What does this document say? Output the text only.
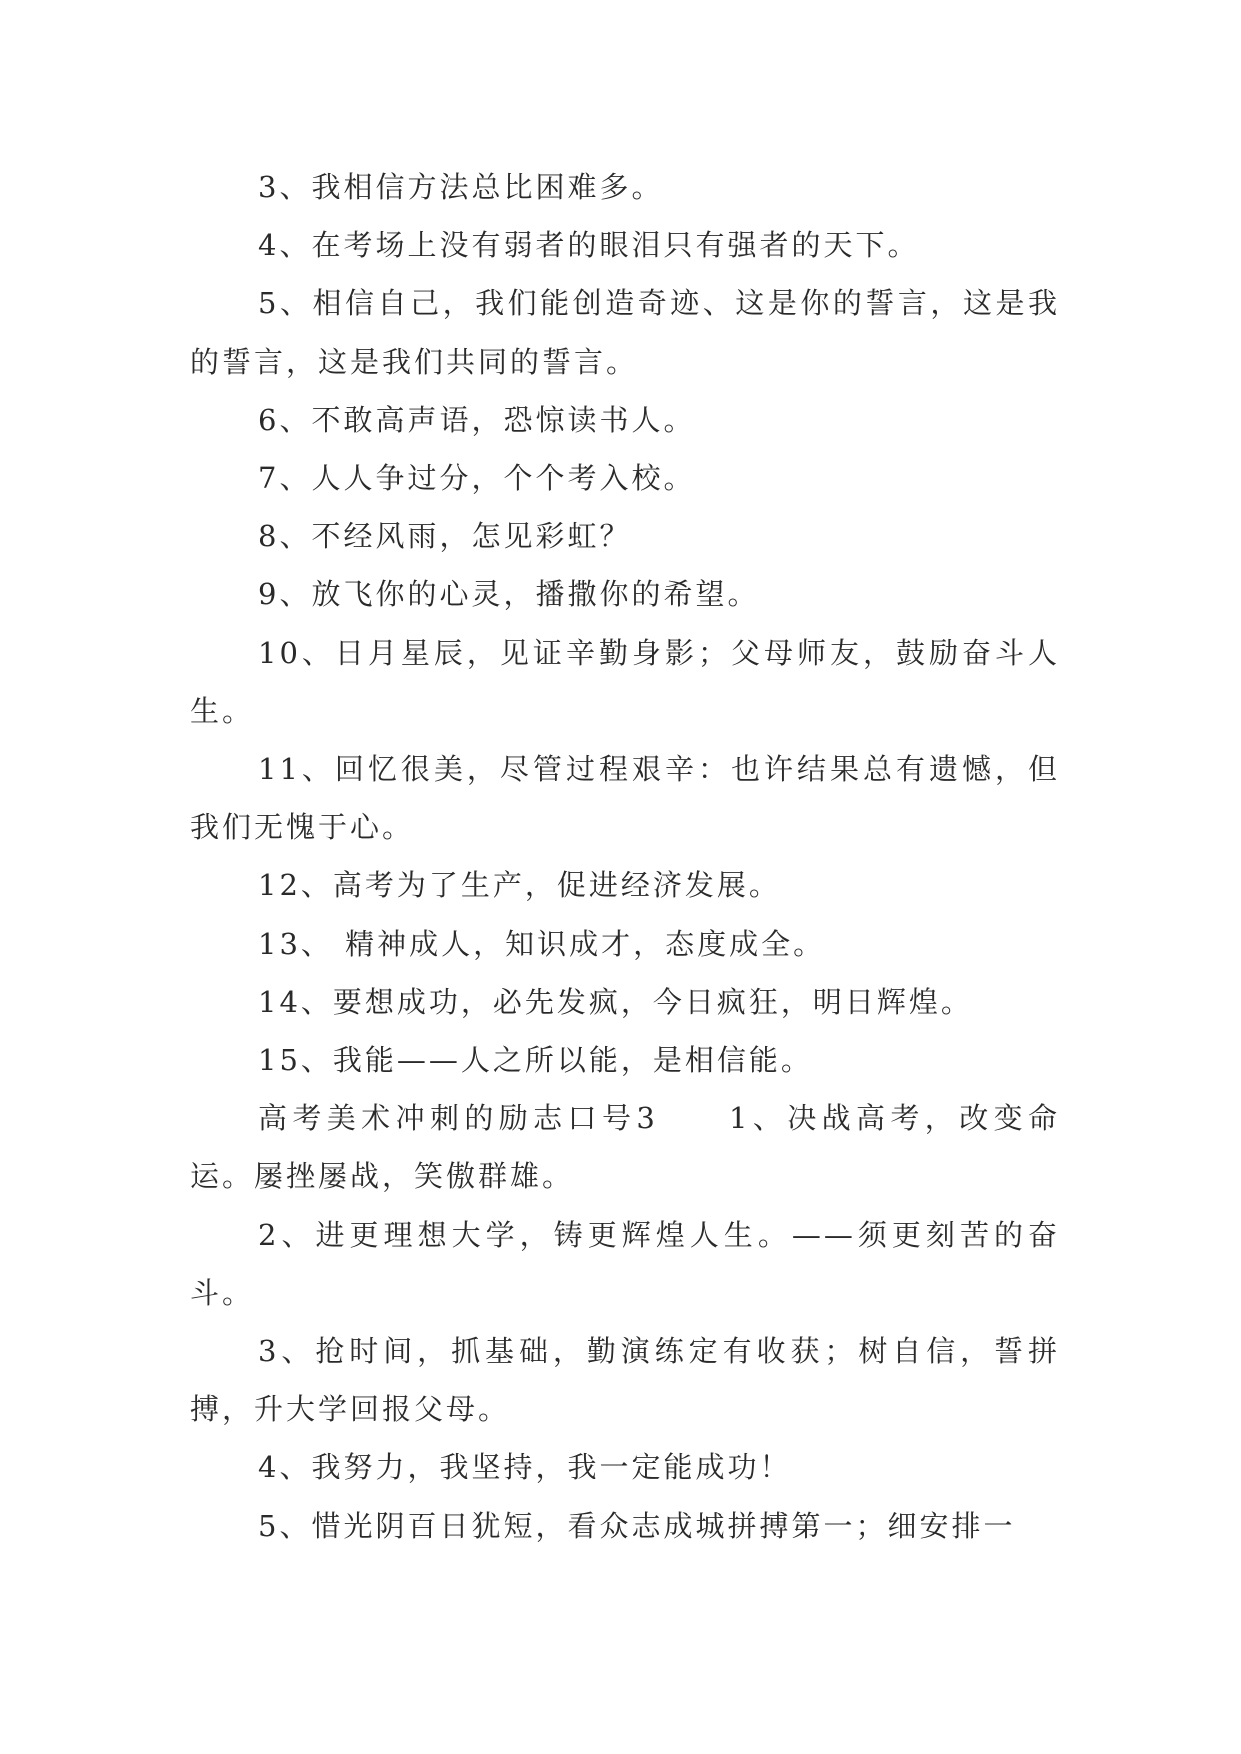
3、我相信方法总比困难多。

4、在考场上没有弱者的眼泪只有强者的天下。

5、相信自己，我们能创造奇迹、这是你的誓言，这是我的誓言，这是我们共同的誓言。

6、不敢高声语，恐惊读书人。

7、人人争过分，个个考入校。

8、不经风雨，怎见彩虹？

9、放飞你的心灵，播撒你的希望。

10、日月星辰，见证辛勤身影；父母师友，鼓励奋斗人生。

11、回忆很美，尽管过程艰辛：也许结果总有遗憾，但我们无愧于心。

12、高考为了生产，促进经济发展。

13、 精神成人，知识成才，态度成全。

14、要想成功，必先发疯，今日疯狂，明日辉煌。

15、我能——人之所以能，是相信能。

高考美术冲刺的励志口号3　　1、决战高考，改变命运。屡挫屡战，笑傲群雄。

2、进更理想大学，铸更辉煌人生。——须更刻苦的奋斗。

3、抢时间，抓基础，勤演练定有收获；树自信，誓拼搏，升大学回报父母。

4、我努力，我坚持，我一定能成功！

5、惜光阴百日犹短，看众志成城拼搏第一；细安排一
